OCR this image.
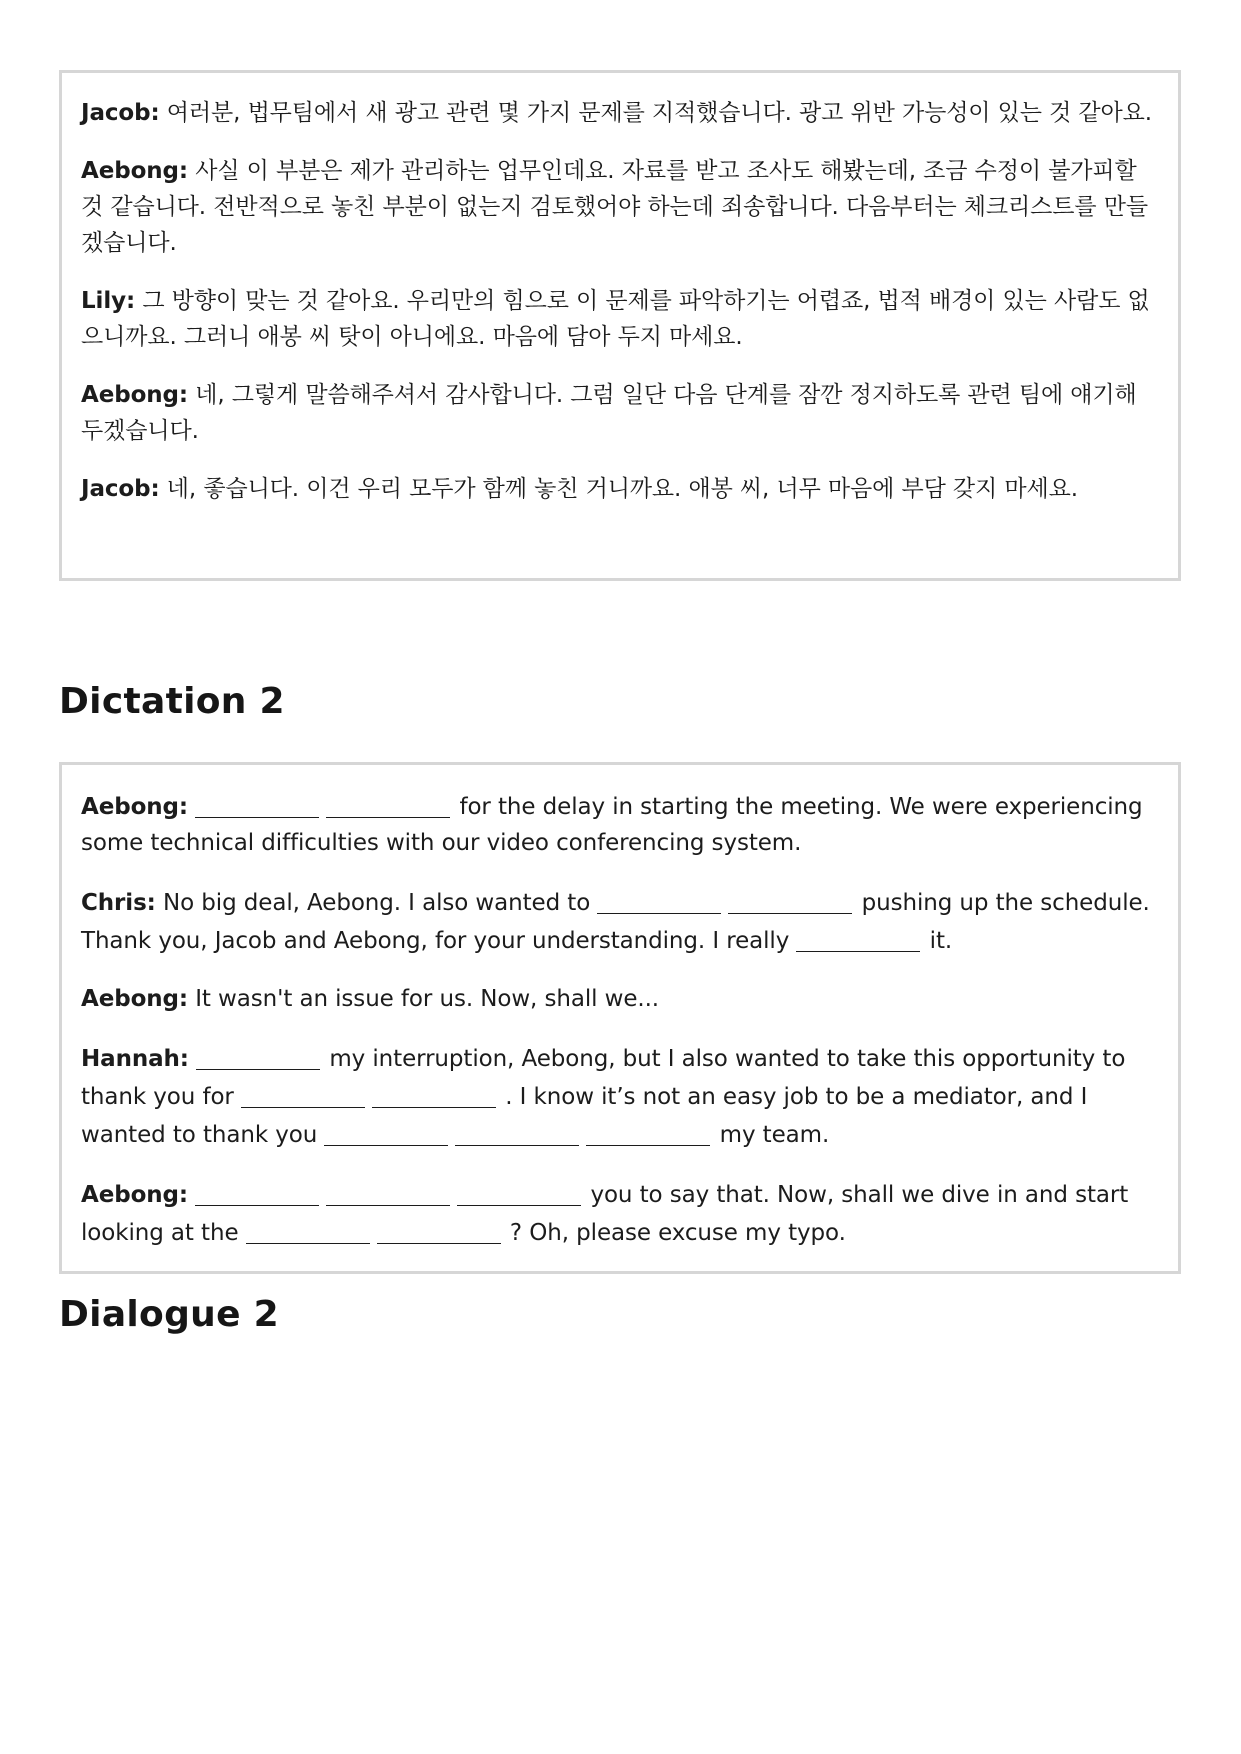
Jacob: 여러분, 법무팀에서 새 광고 관련 몇 가지 문제를 지적했습니다. 광고 위반 가능성이 있는 것 같아요.

Aebong: 사실 이 부분은 제가 관리하는 업무인데요. 자료를 받고 조사도 해봤는데, 조금 수정이 불가피할 것 같습니다. 전반적으로 놓친 부분이 없는지 검토했어야 하는데 죄송합니다. 다음부터는 체크리스트를 만들겠습니다.

Lily: 그 방향이 맞는 것 같아요. 우리만의 힘으로 이 문제를 파악하기는 어렵죠, 법적 배경이 있는 사람도 없으니까요. 그러니 애봉 씨 탓이 아니에요. 마음에 담아 두지 마세요.

Aebong: 네, 그렇게 말씀해주셔서 감사합니다. 그럼 일단 다음 단계를 잠깐 정지하도록 관련 팀에 얘기해 두겠습니다.

Jacob: 네, 좋습니다. 이건 우리 모두가 함께 놓친 거니까요. 애봉 씨, 너무 마음에 부담 갖지 마세요.

Dictation 2

Aebong:	for the delay in starting the meeting. We were experiencing some technical difficulties with our video conferencing system.

Chris: No big deal, Aebong. I also wanted to	pushing up the schedule. Thank you, Jacob and Aebong, for your understanding. I really	it.

Aebong: It wasn't an issue for us. Now, shall we...

Hannah:	my interruption, Aebong, but I also wanted to take this opportunity to thank you for	. I know it’s not an easy job to be a mediator, and I wanted to thank you	my team.

Aebong:	you to say that. Now, shall we dive in and start looking at the	? Oh, please excuse my typo.

Dialogue 2
